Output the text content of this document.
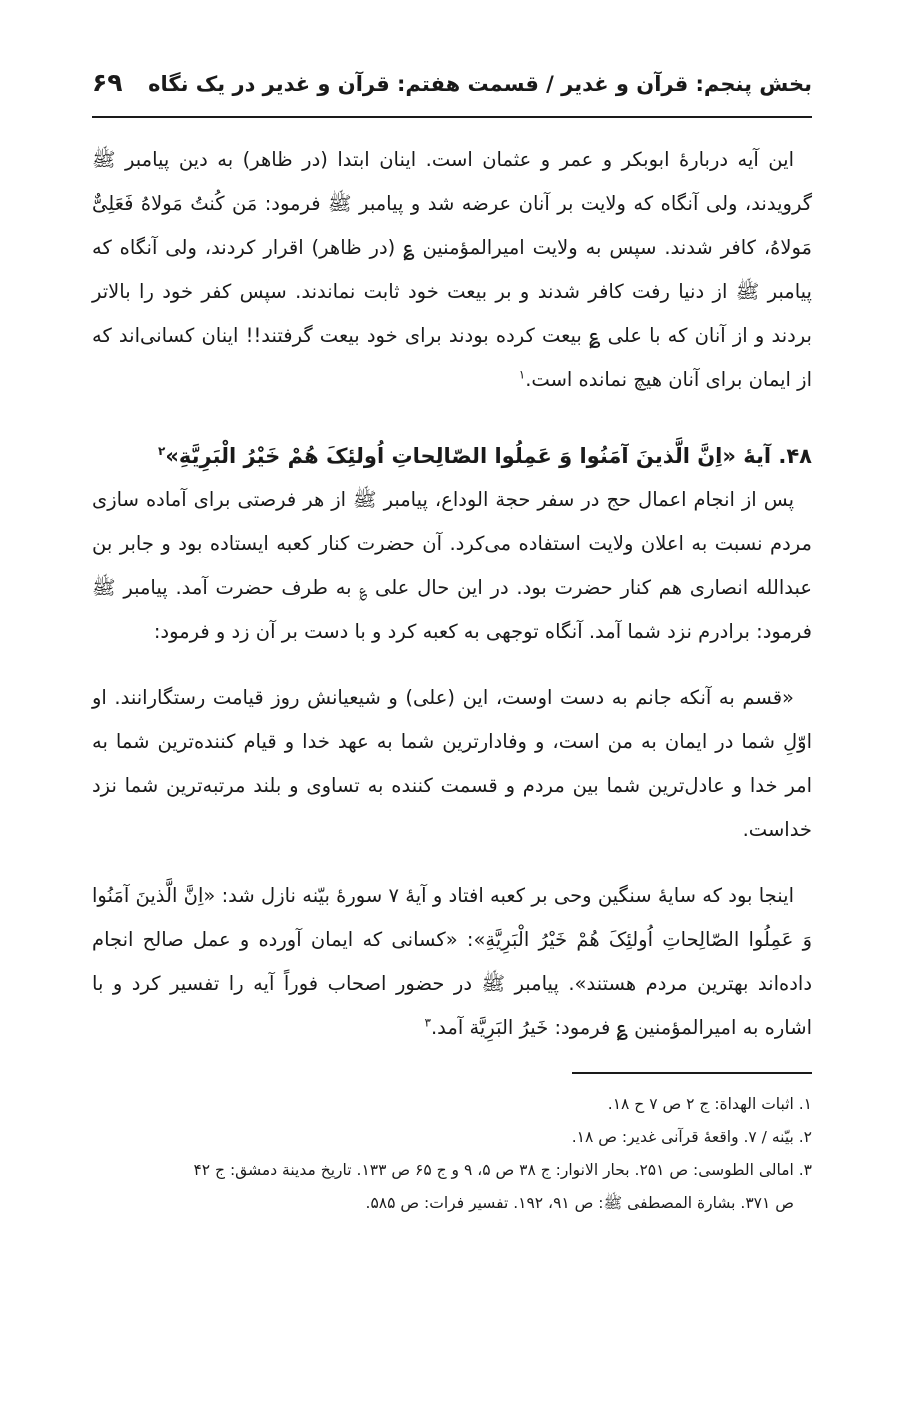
بخش پنجم: قرآن و غدیر / قسمت هفتم: قرآن و غدیر در یک نگاه
۶۹

این آیه دربارهٔ ابوبکر و عمر و عثمان است. اینان ابتدا (در ظاهر) به دین پیامبر ﷺ گرویدند، ولی آنگاه که ولایت بر آنان عرضه شد و پیامبر ﷺ فرمود: مَن کُنتُ مَولاهُ فَعَلِیٌّ مَولاهُ، کافر شدند. سپس به ولایت امیرالمؤمنین ؏ (در ظاهر) اقرار کردند، ولی آنگاه که پیامبر ﷺ از دنیا رفت کافر شدند و بر بیعت خود ثابت نماندند. سپس کفر خود را بالاتر بردند و از آنان که با علی ؏ بیعت کرده بودند برای خود بیعت گرفتند!! اینان کسانی‌اند که از ایمان برای آنان هیچ نمانده است.$^۱$

۴۸. آیهٔ «اِنَّ الَّذینَ آمَنُوا وَ عَمِلُوا الصّالِحاتِ اُولئِکَ هُمْ خَیْرُ الْبَرِیَّةِ»$^۲$

پس از انجام اعمال حج در سفر حجة الوداع، پیامبر ﷺ از هر فرصتی برای آماده سازی مردم نسبت به اعلان ولایت استفاده می‌کرد. آن حضرت کنار کعبه ایستاده بود و جابر بن عبدالله انصاری هم کنار حضرت بود. در این حال علی ؏ به طرف حضرت آمد. پیامبر ﷺ فرمود: برادرم نزد شما آمد. آنگاه توجهی به کعبه کرد و با دست بر آن زد و فرمود:

«قسم به آنکه جانم به دست اوست، این (علی) و شیعیانش روز قیامت رستگارانند. او اوّلِ شما در ایمان به من است، و وفادارترین شما به عهد خدا و قیام کننده‌ترین شما به امر خدا و عادل‌ترین شما بین مردم و قسمت کننده به تساوی و بلند مرتبه‌ترین شما نزد خداست.

اینجا بود که سایهٔ سنگین وحی بر کعبه افتاد و آیهٔ ۷ سورهٔ بیّنه نازل شد: «اِنَّ الَّذینَ آمَنُوا وَ عَمِلُوا الصّالِحاتِ اُولئِکَ هُمْ خَیْرُ الْبَرِیَّةِ»: «کسانی که ایمان آورده و عمل صالح انجام داده‌اند بهترین مردم هستند». پیامبر ﷺ در حضور اصحاب فوراً آیه را تفسیر کرد و با اشاره به امیرالمؤمنین ؏ فرمود: خَیرُ البَرِیَّة آمد.$^۳$

۱. اثبات الهداة: ج ۲ ص ۷ ح ۱۸.

۲. بیّنه / ۷. واقعهٔ قرآنی غدیر: ص ۱۸.

۳. امالی الطوسی: ص ۲۵۱. بحار الانوار: ج ۳۸ ص ۵، ۹ و ج ۶۵ ص ۱۳۳. تاریخ مدینة دمشق: ج ۴۲
ص ۳۷۱. بشارة المصطفی ﷺ: ص ۹۱، ۱۹۲. تفسیر فرات: ص ۵۸۵.
